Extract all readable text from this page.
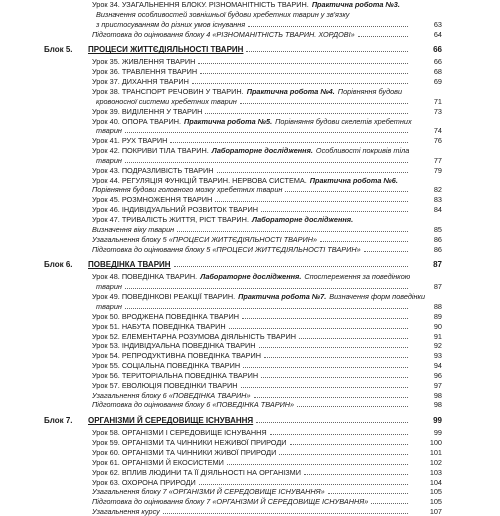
Урок 34. УЗАГАЛЬНЕННЯ БЛОКУ. РІЗНОМАНІТНІСТЬ ТВАРИН. Практична робота №3.
Визначення особливостей зовнішньої будови хребетних тварин у зв'язку
з пристосуванням до різних умов існування	63
Підготовка до оцінювання блоку 4 «РІЗНОМАНІТНІСТЬ ТВАРИН. ХОРДОВІ»	64
Блок 5.	ПРОЦЕСИ ЖИТТЄДІЯЛЬНОСТІ ТВАРИН	66
Урок 35. ЖИВЛЕННЯ ТВАРИН	66
Урок 36. ТРАВЛЕННЯ ТВАРИН	68
Урок 37. ДИХАННЯ ТВАРИН	69
Урок 38. ТРАНСПОРТ РЕЧОВИН У ТВАРИН. Практична робота №4. Порівняння будови
кровоносної системи хребетних тварин	71
Урок 39. ВИДІЛЕННЯ У ТВАРИН	73
Урок 40. ОПОРА ТВАРИН. Практична робота №5. Порівняння будови скелетів хребетних
тварин	74
Урок 41. РУХ ТВАРИН	76
Урок 42. ПОКРИВИ ТІЛА ТВАРИН. Лабораторне дослідження. Особливості покривів тіла
тварин	77
Урок 43. ПОДРАЗЛИВІСТЬ ТВАРИН	79
Урок 44. РЕГУЛЯЦІЯ ФУНКЦІЙ ТВАРИН. НЕРВОВА СИСТЕМА. Практична робота №6.
Порівняння будови головного мозку хребетних тварин	82
Урок 45. РОЗМНОЖЕННЯ ТВАРИН	83
Урок 46. ІНДИВІДУАЛЬНИЙ РОЗВИТОК ТВАРИН	84
Урок 47. ТРИВАЛІСТЬ ЖИТТЯ, РІСТ ТВАРИН. Лабораторне дослідження.
Визначення віку тварин	85
Узагальнення блоку 5 «ПРОЦЕСИ ЖИТТЄДІЯЛЬНОСТІ ТВАРИН»	86
Підготовка до оцінювання блоку 5 «ПРОЦЕСИ ЖИТТЄДІЯЛЬНОСТІ ТВАРИН»	86
Блок 6.	ПОВЕДІНКА ТВАРИН	87
Урок 48. ПОВЕДІНКА ТВАРИН. Лабораторне дослідження. Спостереження за поведінкою
тварин	87
Урок 49. ПОВЕДІНКОВІ РЕАКЦІЇ ТВАРИН. Практична робота №7. Визначення форм поведінки
тварин	88
Урок 50. ВРОДЖЕНА ПОВЕДІНКА ТВАРИН	89
Урок 51. НАБУТА ПОВЕДІНКА ТВАРИН	90
Урок 52. ЕЛЕМЕНТАРНА РОЗУМОВА ДІЯЛЬНІСТЬ ТВАРИН	91
Урок 53. ІНДИВІДУАЛЬНА ПОВЕДІНКА ТВАРИН	92
Урок 54. РЕПРОДУКТИВНА ПОВЕДІНКА ТВАРИН	93
Урок 55. СОЦІАЛЬНА ПОВЕДІНКА ТВАРИН	94
Урок 56. ТЕРИТОРІАЛЬНА ПОВЕДІНКА ТВАРИН	96
Урок 57. ЕВОЛЮЦІЯ ПОВЕДІНКИ ТВАРИН	97
Узагальнення блоку 6 «ПОВЕДІНКА ТВАРИН»	98
Підготовка до оцінювання блоку 6 «ПОВЕДІНКА ТВАРИН»	98
Блок 7.	ОРГАНІЗМИ Й СЕРЕДОВИЩЕ ІСНУВАННЯ	99
Урок 58. ОРГАНІЗМИ І СЕРЕДОВИЩЕ ІСНУВАННЯ	99
Урок 59. ОРГАНІЗМИ ТА ЧИННИКИ НЕЖИВОЇ ПРИРОДИ	100
Урок 60. ОРГАНІЗМИ ТА ЧИННИКИ ЖИВОЇ ПРИРОДИ	101
Урок 61. ОРГАНІЗМИ Й ЕКОСИСТЕМИ	102
Урок 62. ВПЛИВ ЛЮДИНИ ТА ЇЇ ДІЯЛЬНОСТІ НА ОРГАНІЗМИ	103
Урок 63. ОХОРОНА ПРИРОДИ	104
Узагальнення блоку 7 «ОРГАНІЗМИ Й СЕРЕДОВИЩЕ ІСНУВАННЯ»	105
Підготовка до оцінювання блоку 7 «ОРГАНІЗМИ Й СЕРЕДОВИЩЕ ІСНУВАННЯ»	105
Узагальнення курсу	107
